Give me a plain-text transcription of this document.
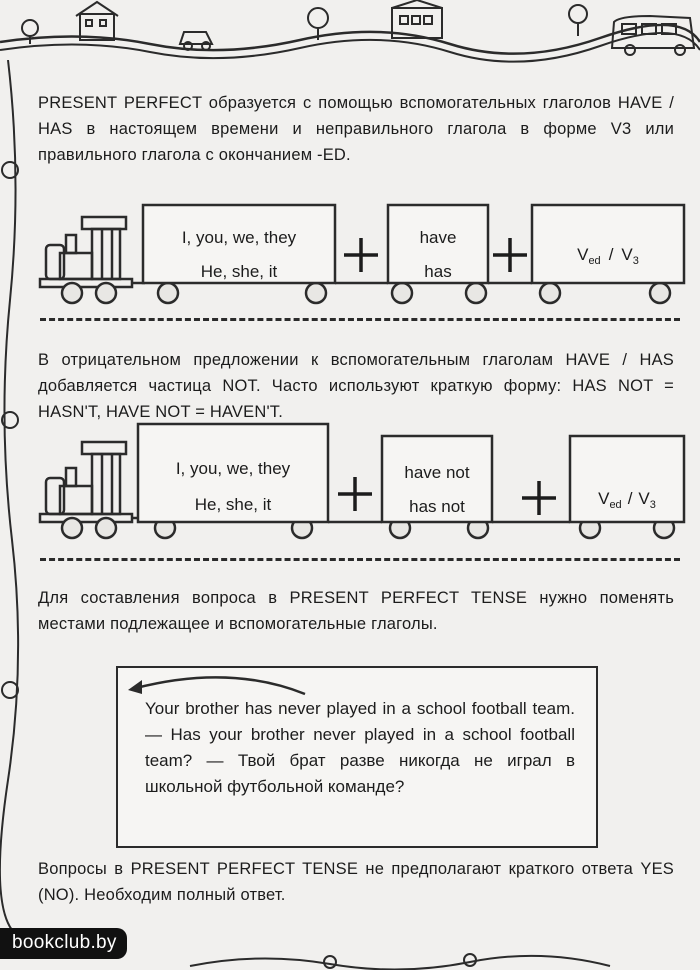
PRESENT PERFECT образуется с помощью вспомогательных глаголов HAVE / HAS в настоящем времени и неправильного глагола в форме V3 или правильного глагола с окончанием -ED.
I, you, we, they
He, she, it
have
has
$V_{ed} / V_3$
В отрицательном предложении к вспомогательным глаголам HAVE / HAS добавляется частица NOT. Часто используют краткую форму: HAS NOT = HASN'T, HAVE NOT = HAVEN'T.
I, you, we, they
He, she, it
have not
has not	$V_{ed} / V_3$
Для составления вопроса в PRESENT PERFECT TENSE нужно поменять местами подлежащее и вспомогательные глаголы.
Your brother has never played in a school football team. — Has your brother never played in a school football team? — Твой брат разве никогда не играл в школьной футбольной команде?
Вопросы в PRESENT PERFECT TENSE не предполагают краткого ответа YES (NO). Необходим полный ответ.
bookclub.by
